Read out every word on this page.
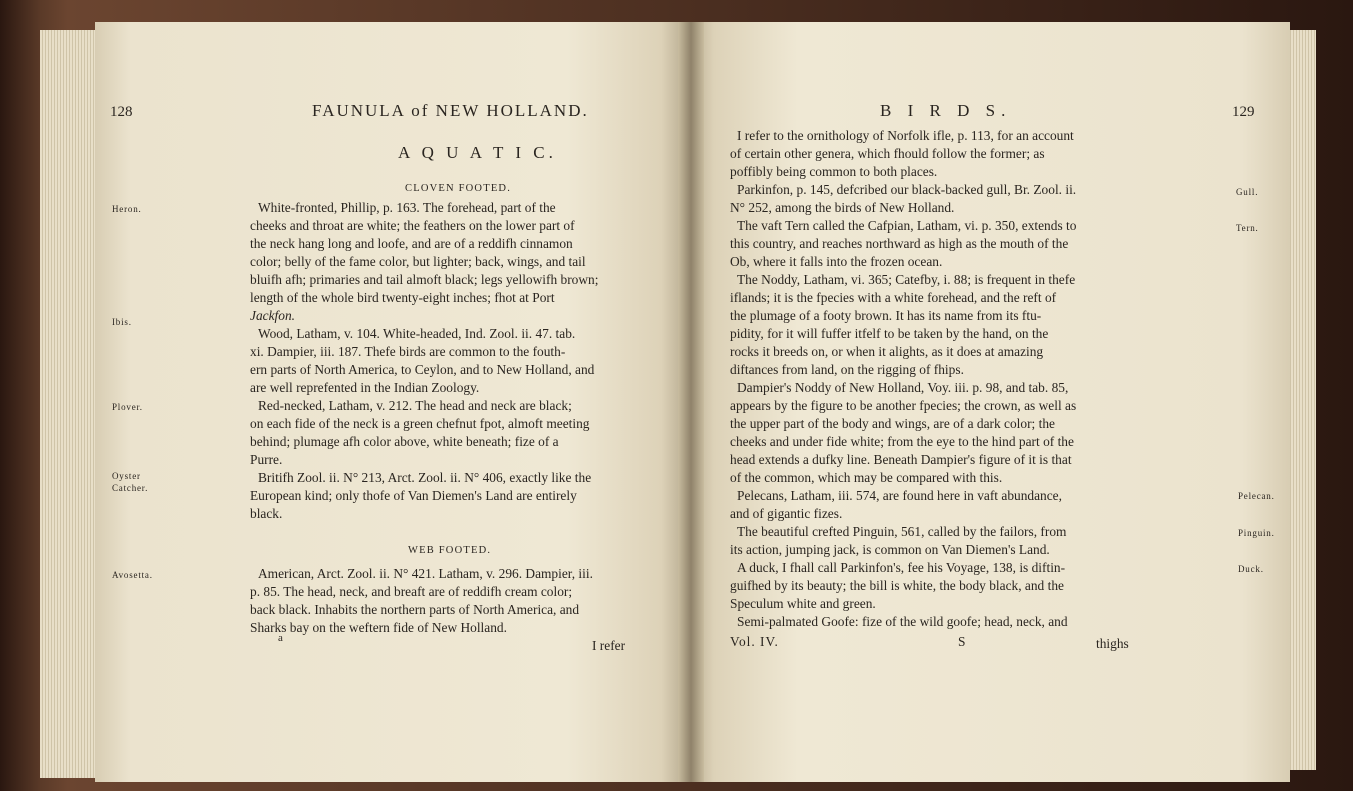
128	FAUNULA of NEW HOLLAND.
A Q U A T I C.
CLOVEN FOOTED.
Heron.
Ibis.
Plover.
Oyster
Catcher.
Avosetta.
White-fronted, Phillip, p. 163. The forehead, part of the
cheeks and throat are white; the feathers on the lower part of
the neck hang long and loofe, and are of a reddifh cinnamon
color; belly of the fame color, but lighter; back, wings, and tail
bluifh afh; primaries and tail almoft black; legs yellowifh brown;
length of the whole bird twenty-eight inches; fhot at Port
Jackfon.
Wood, Latham, v. 104. White-headed, Ind. Zool. ii. 47. tab.
xi. Dampier, iii. 187. Thefe birds are common to the fouth-
ern parts of North America, to Ceylon, and to New Holland, and
are well reprefented in the Indian Zoology.
Red-necked, Latham, v. 212. The head and neck are black;
on each fide of the neck is a green chefnut fpot, almoft meeting
behind; plumage afh color above, white beneath; fize of a
Purre.
Britifh Zool. ii. N° 213, Arct. Zool. ii. N° 406, exactly like the
European kind; only thofe of Van Diemen's Land are entirely
black.
WEB FOOTED.
American, Arct. Zool. ii. N° 421. Latham, v. 296. Dampier, iii.
p. 85. The head, neck, and breaft are of reddifh cream color;
back black. Inhabits the northern parts of North America, and
Sharks bay on the weftern fide of New Holland.
a	I refer
B I R D S.	129
I refer to the ornithology of Norfolk ifle, p. 113, for an account
of certain other genera, which fhould follow the former; as
poffibly being common to both places.
Parkinfon, p. 145, defcribed our black-backed gull, Br. Zool. ii.
N° 252, among the birds of New Holland.
The vaft Tern called the Cafpian, Latham, vi. p. 350, extends to
this country, and reaches northward as high as the mouth of the
Ob, where it falls into the frozen ocean.
The Noddy, Latham, vi. 365; Catefby, i. 88; is frequent in thefe
iflands; it is the fpecies with a white forehead, and the reft of
the plumage of a footy brown. It has its name from its ftu-
pidity, for it will fuffer itfelf to be taken by the hand, on the
rocks it breeds on, or when it alights, as it does at amazing
diftances from land, on the rigging of fhips.
Dampier's Noddy of New Holland, Voy. iii. p. 98, and tab. 85,
appears by the figure to be another fpecies; the crown, as well as
the upper part of the body and wings, are of a dark color; the
cheeks and under fide white; from the eye to the hind part of the
head extends a dufky line. Beneath Dampier's figure of it is that
of the common, which may be compared with this.
Pelecans, Latham, iii. 574, are found here in vaft abundance,
and of gigantic fizes.
The beautiful crefted Pinguin, 561, called by the failors, from
its action, jumping jack, is common on Van Diemen's Land.
A duck, I fhall call Parkinfon's, fee his Voyage, 138, is diftin-
guifhed by its beauty; the bill is white, the body black, and the
Speculum white and green.
Semi-palmated Goofe: fize of the wild goofe; head, neck, and
Vol. IV.	S	thighs
Gull.
Tern.
Pelecan.
Pinguin.
Duck.
